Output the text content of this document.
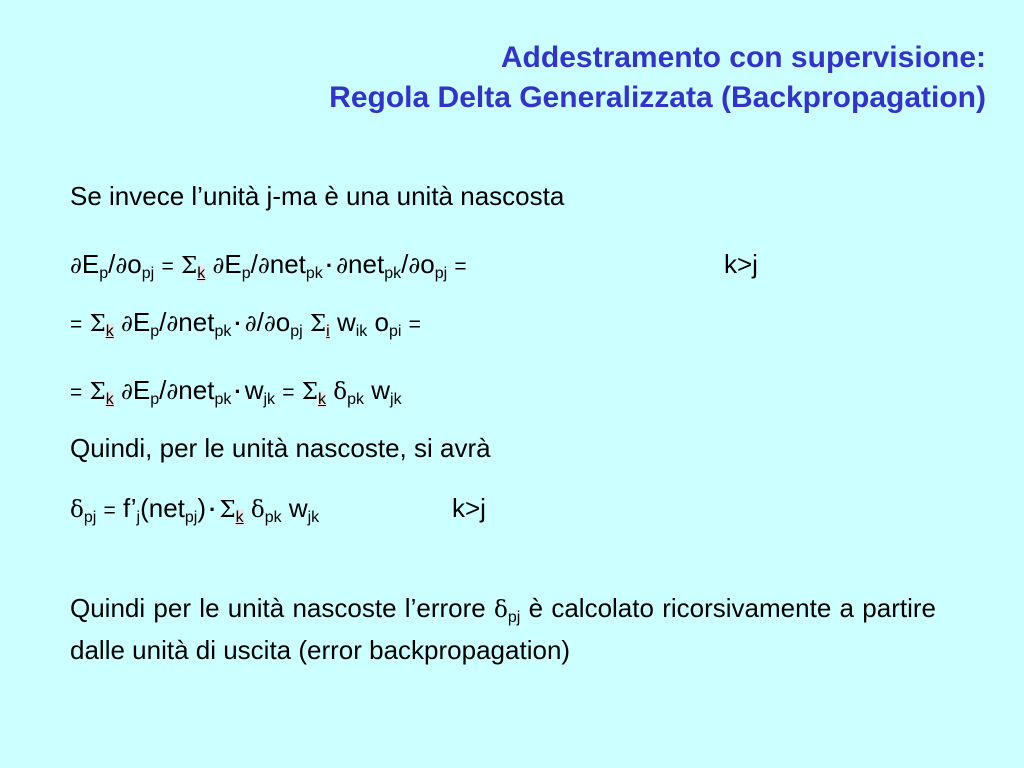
Addestramento con supervisione:
Regola Delta Generalizzata (Backpropagation)
Se invece l’unità j-ma è una unità nascosta
$\partial E_p/\partial o_{pj} = \Sigma_k$ $\partial E_p/\partial net_{pk} \cdot \partial net_{pk}/\partial o_{pj}$ =	k>j
= $\Sigma_k$ $\partial E_p/\partial net_{pk} \cdot \partial/\partial o_{pj}$ $\Sigma_i$ $w_{ik}$ $o_{pi}$ =
= $\Sigma_k$ $\partial E_p/\partial net_{pk} \cdot w_{jk} = \Sigma_k$ $\delta_{pk}$ $w_{jk}$
Quindi, per le unità nascoste, si avrà
$\delta_{pj}$ = $f’_j(net_{pj}) \cdot \Sigma_k$ $\delta_{pk}$ $w_{jk}$	k>j
Quindi per le unità nascoste l’errore $\delta_{pj}$ è calcolato ricorsivamente a partire dalle unità di uscita (error backpropagation)
